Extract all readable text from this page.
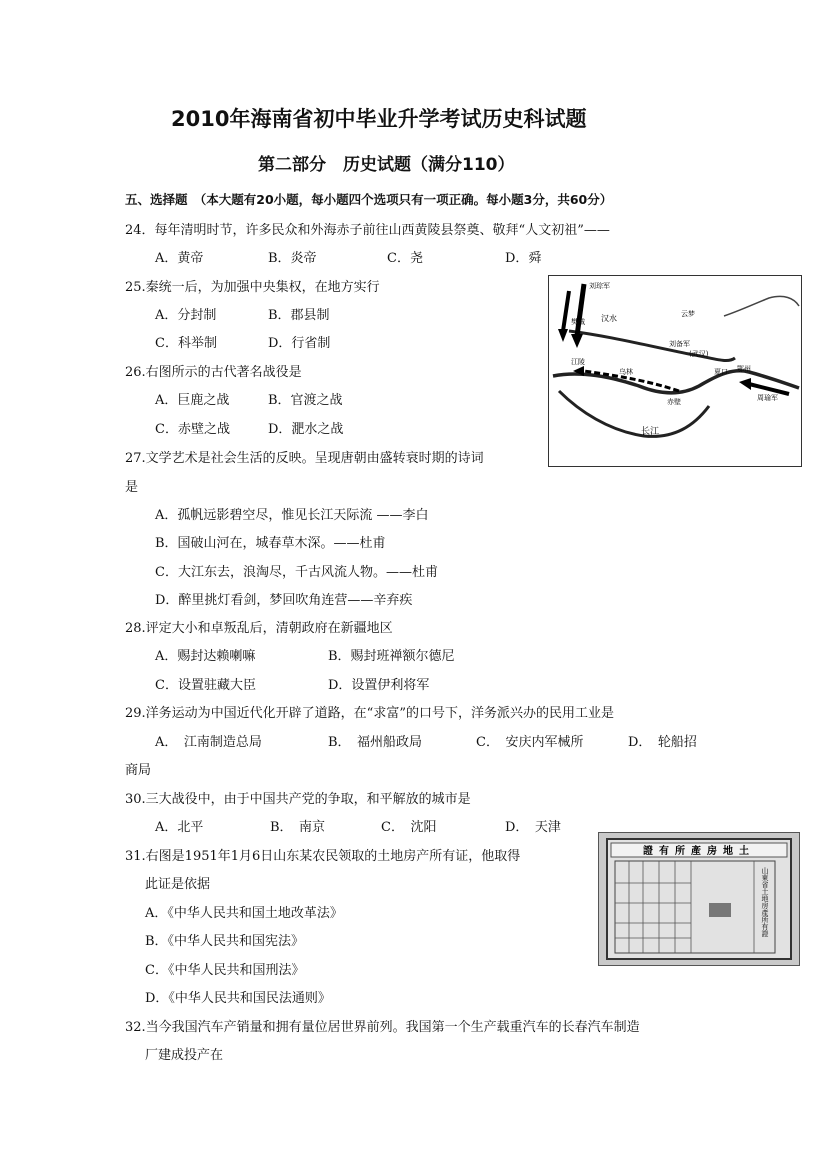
2010年海南省初中毕业升学考试历史科试题
第二部分　历史试题（满分110）
五、选择题　（本大题有20小题，每小题四个选项只有一项正确。每小题3分，共60分）
24．每年清明时节，许多民众和外海赤子前往山西黄陵县祭奠、敬拜“人文初祖”——
A．黄帝	B．炎帝	C．尧	D．舜
25.秦统一后，为加强中央集权，在地方实行
A．分封制	B．郡县制
C．科举制	D．行省制
26.右图所示的古代著名战役是
A．巨鹿之战	B．官渡之战
C．赤壁之战	D．淝水之战
刘琮军
刘备军
乌林
赤壁
江陵
周瑜军
汉水
长江
樊城
夏口
(武汉)
鄂州
云梦
27.文学艺术是社会生活的反映。呈现唐朝由盛转衰时期的诗词
是
A．孤帆远影碧空尽，惟见长江天际流 ——李白
B．国破山河在，城春草木深。——杜甫
C．大江东去，浪淘尽，千古风流人物。——杜甫
D．醉里挑灯看剑，梦回吹角连营——辛弃疾
28.评定大小和卓叛乱后，清朝政府在新疆地区
A．赐封达赖喇嘛	B．赐封班禅额尔德尼
C．设置驻藏大臣	D．设置伊利将军
29.洋务运动为中国近代化开辟了道路，在“求富”的口号下，洋务派兴办的民用工业是
A．　江南制造总局	B．　福州船政局	C．　安庆内军械所	D．　轮船招
商局
30.三大战役中，由于中国共产党的争取，和平解放的城市是
A．北平	B．　南京	C．　沈阳	D．　天津
31.右图是1951年1月6日山东某农民领取的土地房产所有证，他取得
此证是依据
A．《中华人民共和国土地改革法》
B．《中华人民共和国宪法》
C．《中华人民共和国刑法》
D．《中华人民共和国民法通则》
證有所產房地土
山東省土地房產所有證
32.当今我国汽车产销量和拥有量位居世界前列。我国第一个生产载重汽车的长春汽车制造
厂建成投产在
